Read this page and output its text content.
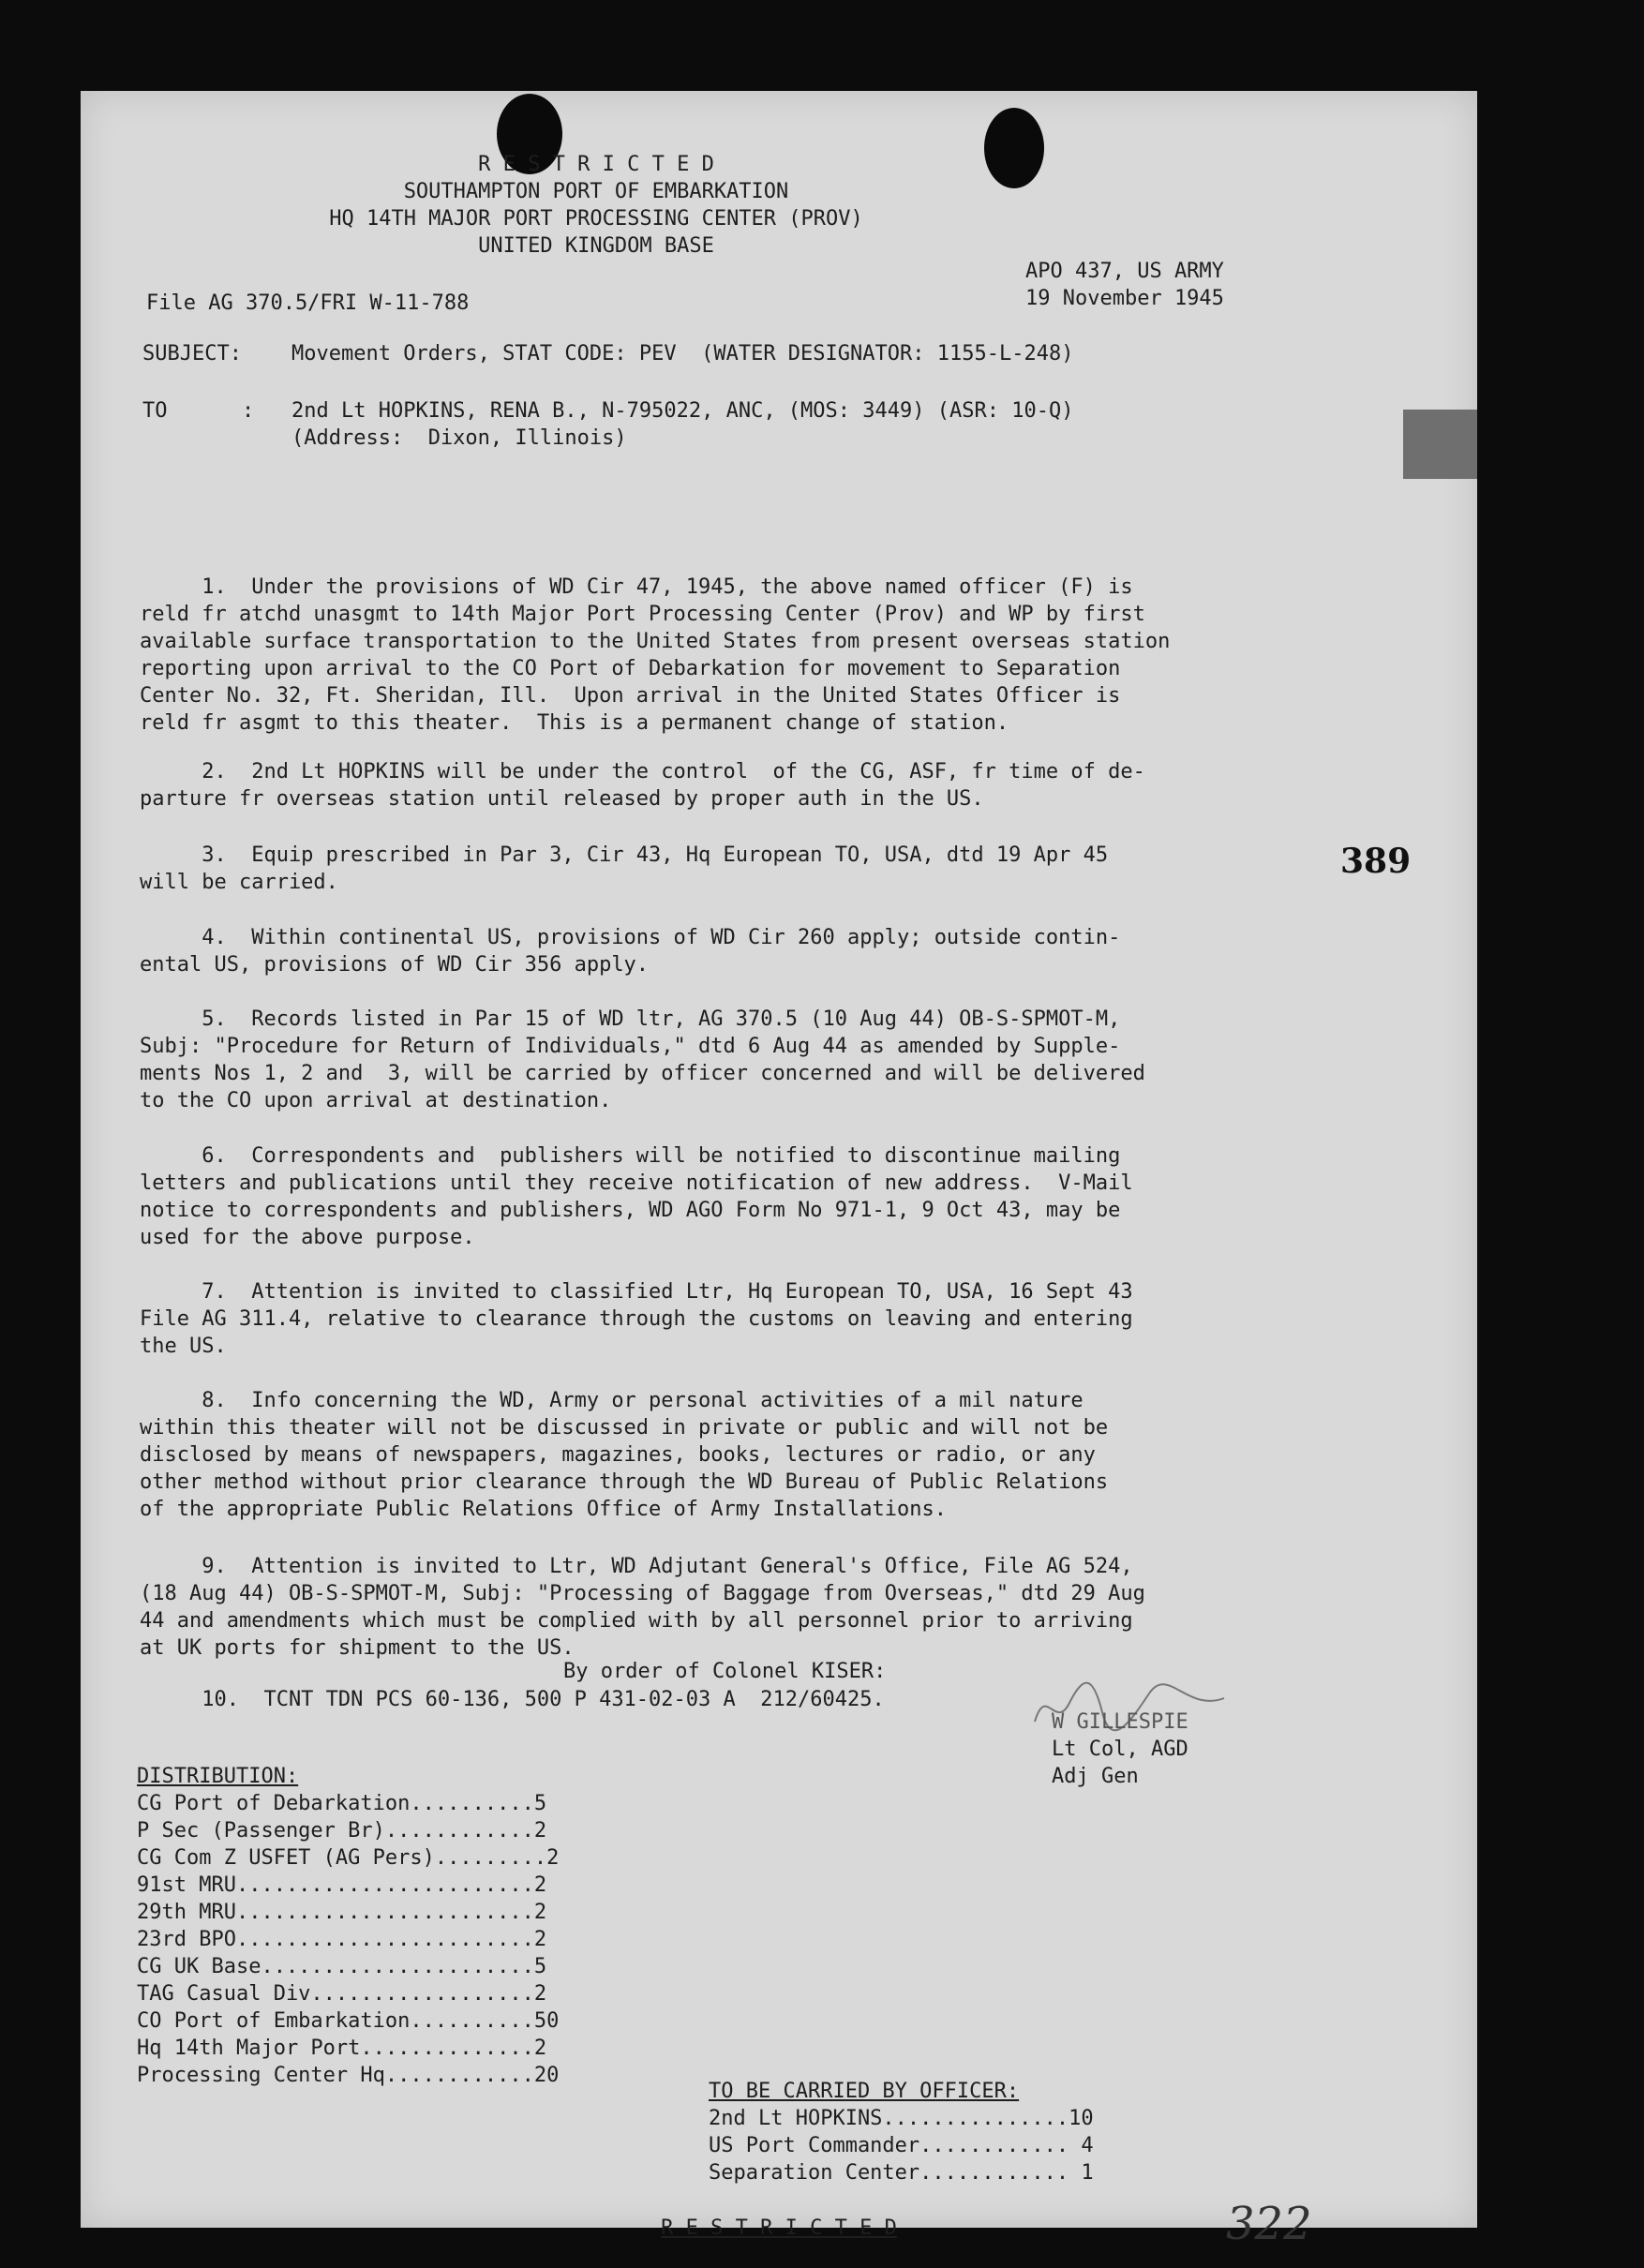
R E S T R I C T E D
SOUTHAMPTON PORT OF EMBARKATION
HQ 14TH MAJOR PORT PROCESSING CENTER (PROV)
UNITED KINGDOM BASE
APO 437, US ARMY
19 November 1945
File AG 370.5/FRI W-11-788
SUBJECT: Movement Orders, STAT CODE: PEV  (WATER DESIGNATOR: 1155-L-248)
TO      : 2nd Lt HOPKINS, RENA B., N-795022, ANC, (MOS: 3449) (ASR: 10-Q)
(Address:  Dixon, Illinois)
1.  Under the provisions of WD Cir 47, 1945, the above named officer (F) is
reld fr atchd unasgmt to 14th Major Port Processing Center (Prov) and WP by first
available surface transportation to the United States from present overseas station
reporting upon arrival to the CO Port of Debarkation for movement to Separation
Center No. 32, Ft. Sheridan, Ill.  Upon arrival in the United States Officer is
reld fr asgmt to this theater.  This is a permanent change of station.
2.  2nd Lt HOPKINS will be under the control  of the CG, ASF, fr time of de-
parture fr overseas station until released by proper auth in the US.
3.  Equip prescribed in Par 3, Cir 43, Hq European TO, USA, dtd 19 Apr 45
will be carried.
4.  Within continental US, provisions of WD Cir 260 apply; outside contin-
ental US, provisions of WD Cir 356 apply.
5.  Records listed in Par 15 of WD ltr, AG 370.5 (10 Aug 44) OB-S-SPMOT-M,
Subj: "Procedure for Return of Individuals," dtd 6 Aug 44 as amended by Supple-
ments Nos 1, 2 and  3, will be carried by officer concerned and will be delivered
to the CO upon arrival at destination.
6.  Correspondents and  publishers will be notified to discontinue mailing
letters and publications until they receive notification of new address.  V-Mail
notice to correspondents and publishers, WD AGO Form No 971-1, 9 Oct 43, may be
used for the above purpose.
7.  Attention is invited to classified Ltr, Hq European TO, USA, 16 Sept 43
File AG 311.4, relative to clearance through the customs on leaving and entering
the US.
8.  Info concerning the WD, Army or personal activities of a mil nature
within this theater will not be discussed in private or public and will not be
disclosed by means of newspapers, magazines, books, lectures or radio, or any
other method without prior clearance through the WD Bureau of Public Relations
of the appropriate Public Relations Office of Army Installations.
9.  Attention is invited to Ltr, WD Adjutant General's Office, File AG 524,
(18 Aug 44) OB-S-SPMOT-M, Subj: "Processing of Baggage from Overseas," dtd 29 Aug
44 and amendments which must be complied with by all personnel prior to arriving
at UK ports for shipment to the US.
10.  TCNT TDN PCS 60-136, 500 P 431-02-03 A  212/60425.
389
By order of Colonel KISER:
W GILLESPIE
Lt Col, AGD
Adj Gen
DISTRIBUTION:
CG Port of Debarkation..........5
P Sec (Passenger Br)............2
CG Com Z USFET (AG Pers).........2
91st MRU........................2
29th MRU........................2
23rd BPO........................2
CG UK Base......................5
TAG Casual Div..................2
CO Port of Embarkation..........50
Hq 14th Major Port..............2
Processing Center Hq............20
TO BE CARRIED BY OFFICER:
2nd Lt HOPKINS...............10
US Port Commander............ 4
Separation Center............ 1
R E S T R I C T E D	322
